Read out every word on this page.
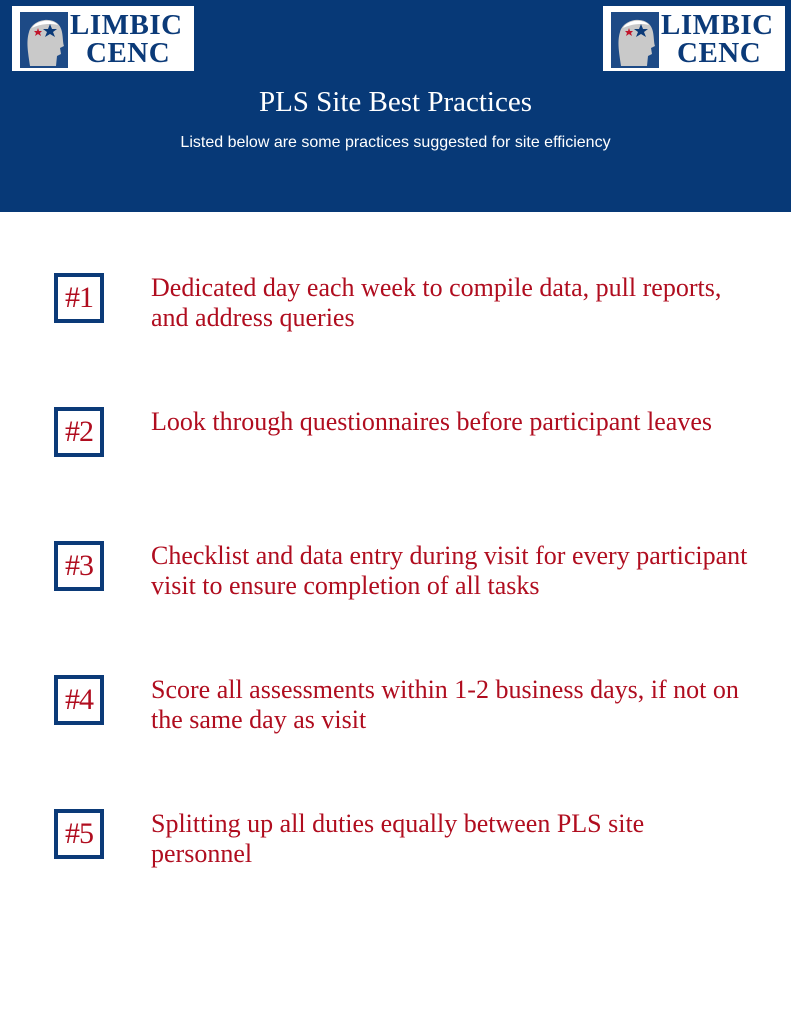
LIMBIC
CENC
LIMBIC
CENC
PLS Site Best Practices
Listed below are some practices suggested for site efficiency
#1	Dedicated day each week to compile data, pull reports, and address queries
#2	Look through questionnaires before participant leaves
#3	Checklist and data entry during visit for every participant visit to ensure completion of all tasks
#4	Score all assessments within 1-2 business days, if not on the same day as visit
#5	Splitting up all duties equally between PLS site personnel
